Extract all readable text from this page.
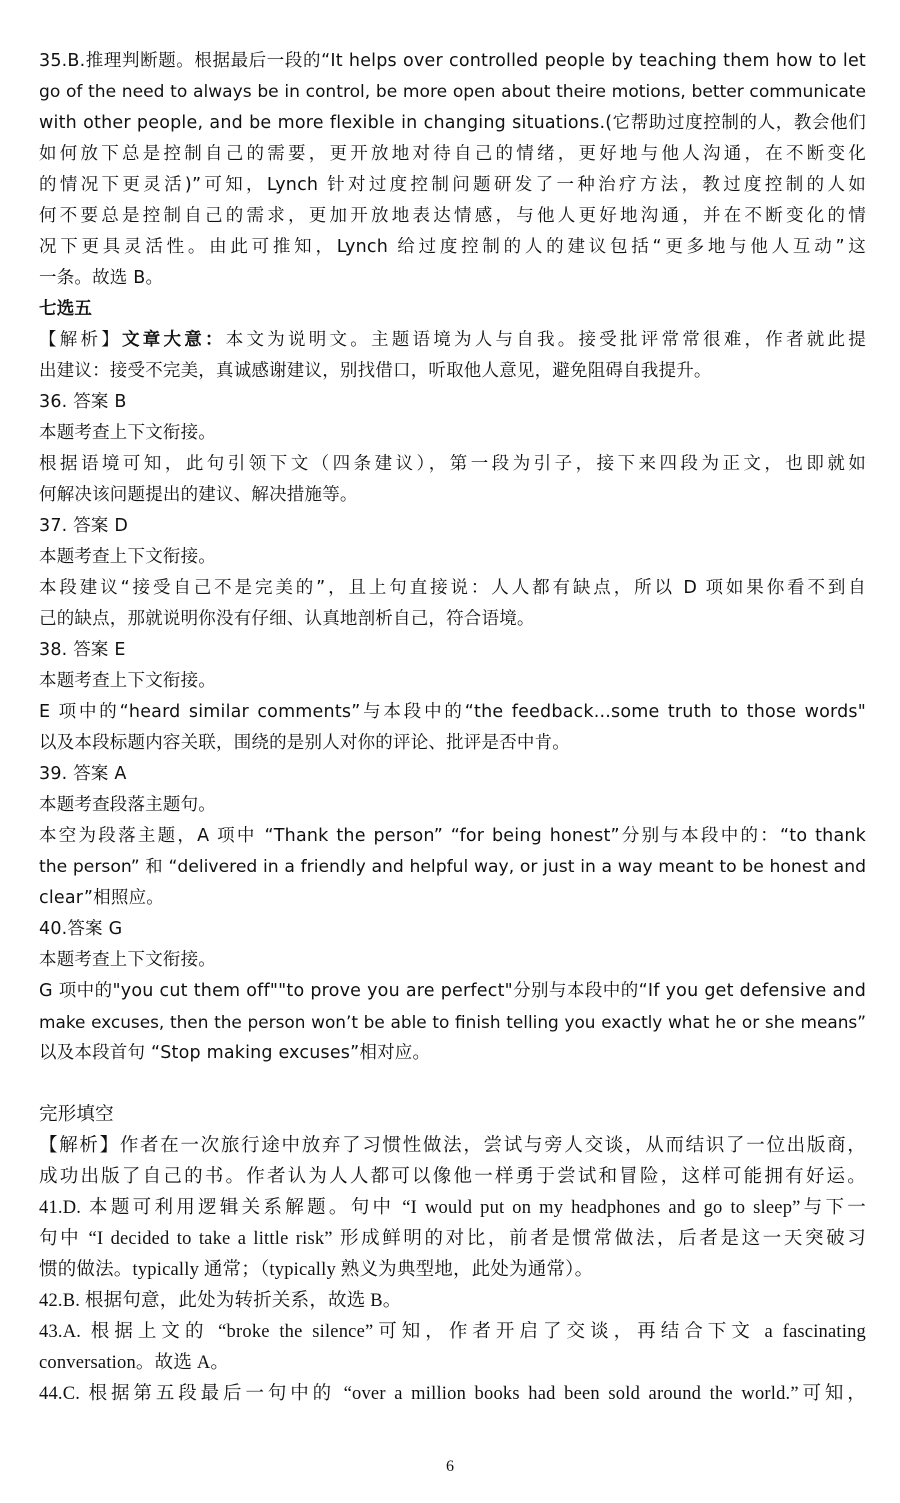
35.B.推理判断题。根据最后一段的“It helps over controlled people by teaching them how to let
go of the need to always be in control, be more open about theire motions, better communicate
with other people, and be more flexible in changing situations.(它帮助过度控制的人，教会他们
如何放下总是控制自己的需要，更开放地对待自己的情绪，更好地与他人沟通，在不断变化
的情况下更灵活)”可知，Lynch 针对过度控制问题研发了一种治疗方法，教过度控制的人如
何不要总是控制自己的需求，更加开放地表达情感，与他人更好地沟通，并在不断变化的情
况下更具灵活性。由此可推知，Lynch 给过度控制的人的建议包括“更多地与他人互动”这
一条。故选 B。
七选五
【解析】文章大意：本文为说明文。主题语境为人与自我。接受批评常常很难，作者就此提
出建议：接受不完美，真诚感谢建议，别找借口，听取他人意见，避免阻碍自我提升。
36. 答案 B
本题考查上下文衔接。
根据语境可知，此句引领下文（四条建议），第一段为引子，接下来四段为正文，也即就如
何解决该问题提出的建议、解决措施等。
37. 答案 D
本题考查上下文衔接。
本段建议“接受自己不是完美的”，且上句直接说：人人都有缺点，所以 D 项如果你看不到自
己的缺点，那就说明你没有仔细、认真地剖析自己，符合语境。
38. 答案 E
本题考查上下文衔接。
E 项中的“heard similar comments”与本段中的“the feedback...some truth to those words"
以及本段标题内容关联，围绕的是别人对你的评论、批评是否中肯。
39. 答案 A
本题考查段落主题句。
本空为段落主题，A 项中 “Thank the person” “for being honest”分别与本段中的：“to thank
the person” 和 “delivered in a friendly and helpful way, or just in a way meant to be honest and
clear”相照应。
40.答案 G
本题考查上下文衔接。
G 项中的"you cut them off""to prove you are perfect"分别与本段中的“If you get defensive and
make excuses, then the person won’t be able to finish telling you exactly what he or she means”
以及本段首句 “Stop making excuses”相对应。
完形填空
【解析】作者在一次旅行途中放弃了习惯性做法，尝试与旁人交谈，从而结识了一位出版商，
成功出版了自己的书。作者认为人人都可以像他一样勇于尝试和冒险，这样可能拥有好运。
41.D. 本题可利用逻辑关系解题。句中 “I would put on my headphones and go to sleep”与下一
句中 “I decided to take a little risk” 形成鲜明的对比，前者是惯常做法，后者是这一天突破习
惯的做法。typically 通常；（typically 熟义为典型地，此处为通常）。
42.B. 根据句意，此处为转折关系，故选 B。
43.A. 根据上文的 “broke the silence”可知，作者开启了交谈，再结合下文 a fascinating
conversation。故选 A。
44.C. 根据第五段最后一句中的 “over a million books had been sold around the world.”可知，
6
